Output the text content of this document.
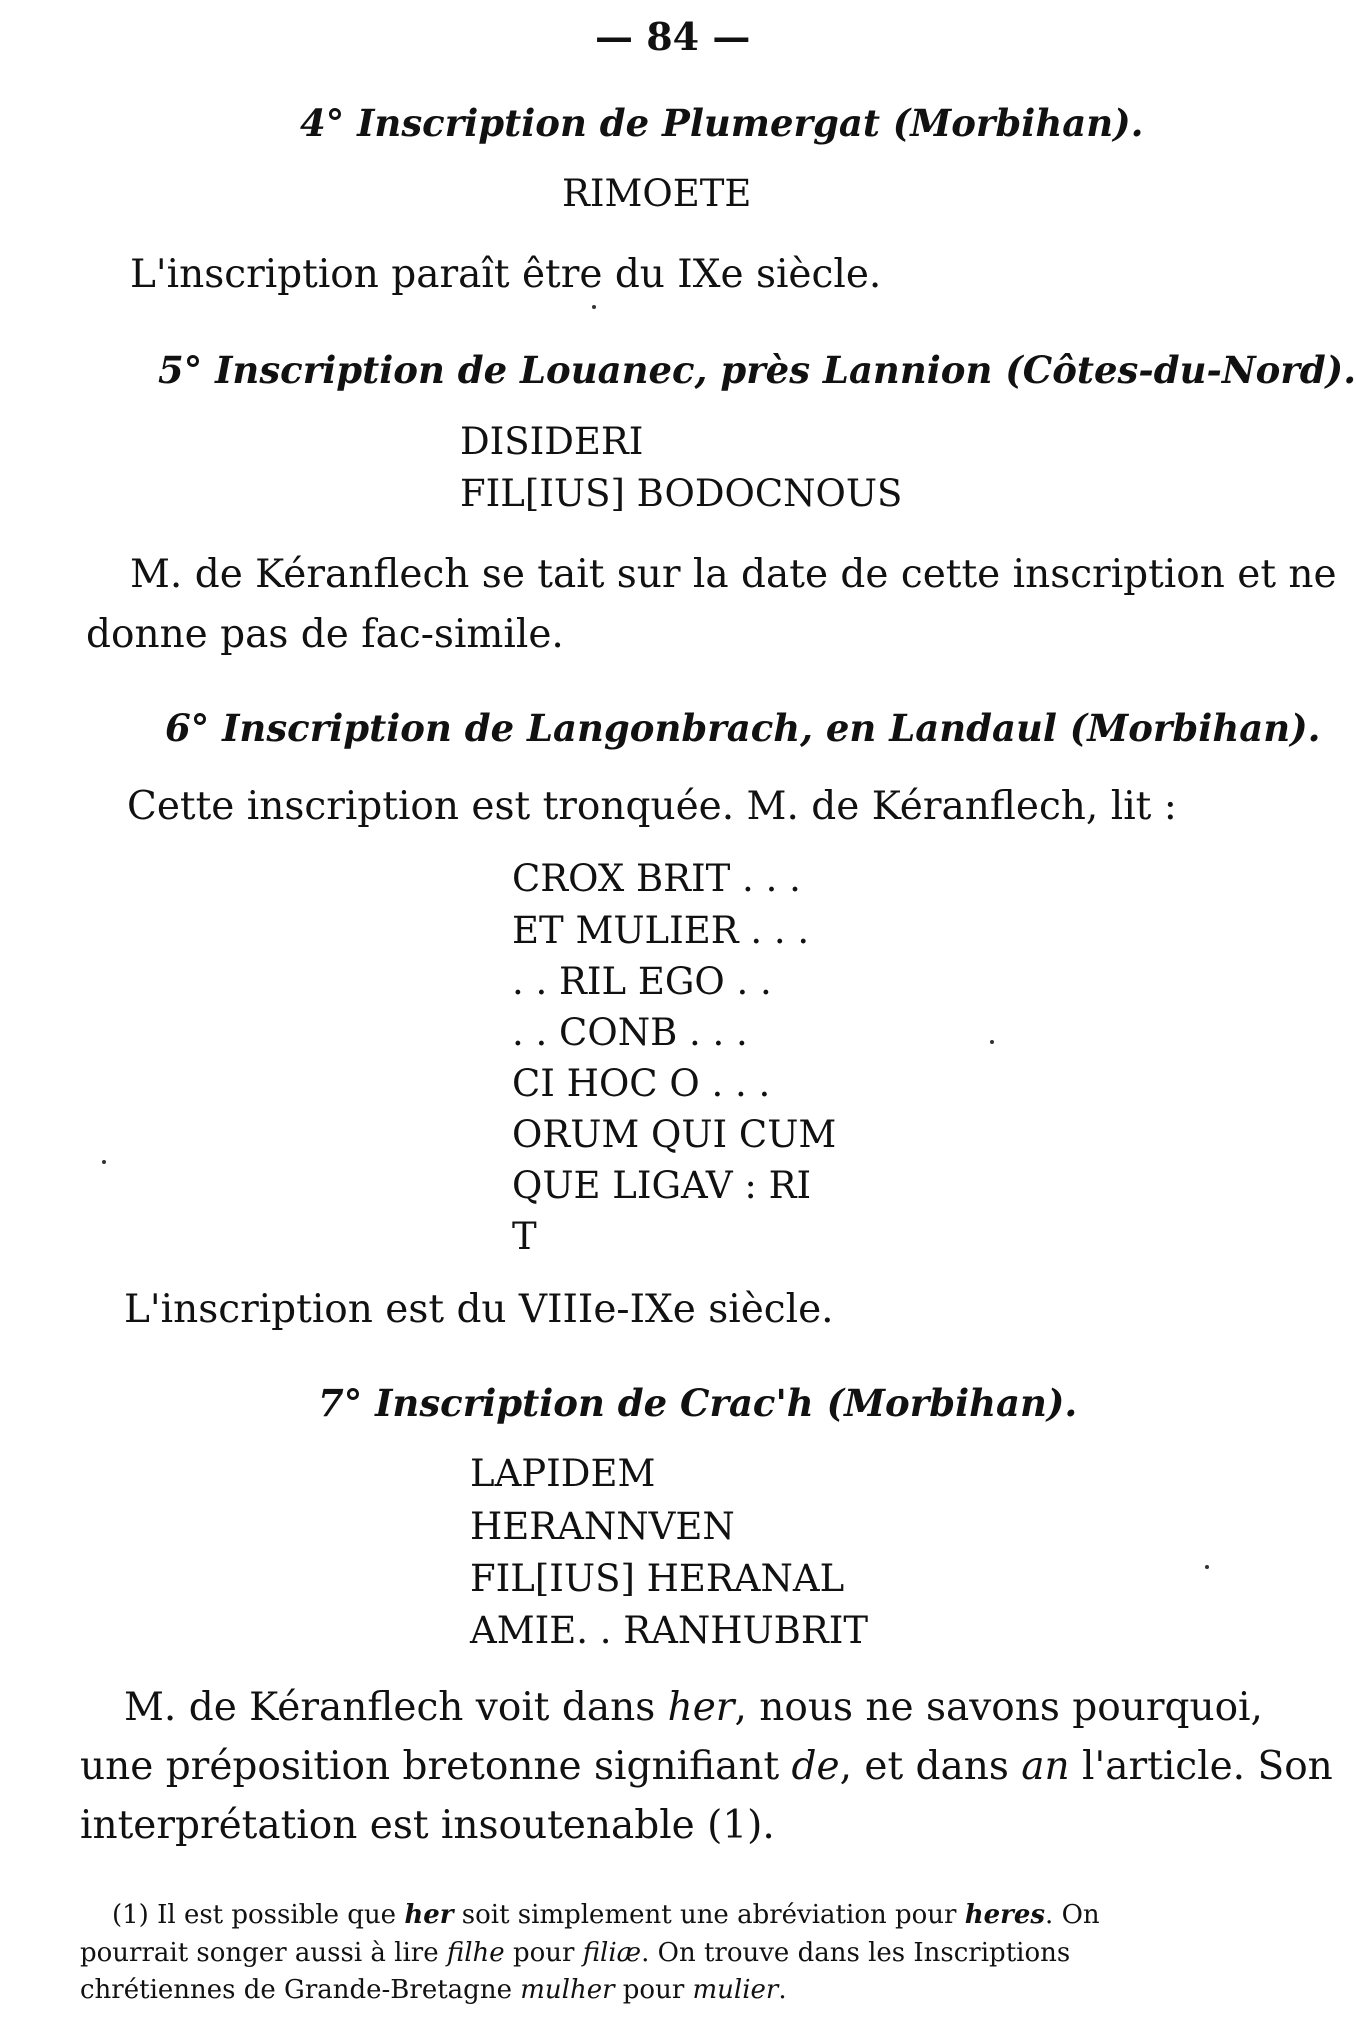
— 84 —
4° Inscription de Plumergat (Morbihan).
RIMOETE
L'inscription paraît être du IXe siècle.
5° Inscription de Louanec, près Lannion (Côtes-du-Nord).
DISIDERI
FIL[IUS] BODOCNOUS
M. de Kéranflech se tait sur la date de cette inscription et ne
donne pas de fac-simile.
6° Inscription de Langonbrach, en Landaul (Morbihan).
Cette inscription est tronquée. M. de Kéranflech, lit :
CROX BRIT . . .
ET MULIER . . .
. . RIL EGO . .
. . CONB . . .
CI HOC O . . .
ORUM QUI CUM
QUE LIGAV : RI
T
L'inscription est du VIIIe-IXe siècle.
7° Inscription de Crac'h (Morbihan).
LAPIDEM
HERANNVEN
FIL[IUS] HERANAL
AMIE. . RANHUBRIT
M. de Kéranflech voit dans her, nous ne savons pourquoi,
une préposition bretonne signifiant de, et dans an l'article. Son
interprétation est insoutenable (1).
(1) Il est possible que her soit simplement une abréviation pour heres. On
pourrait songer aussi à lire filhe pour filiæ. On trouve dans les Inscriptions
chrétiennes de Grande-Bretagne mulher pour mulier.
